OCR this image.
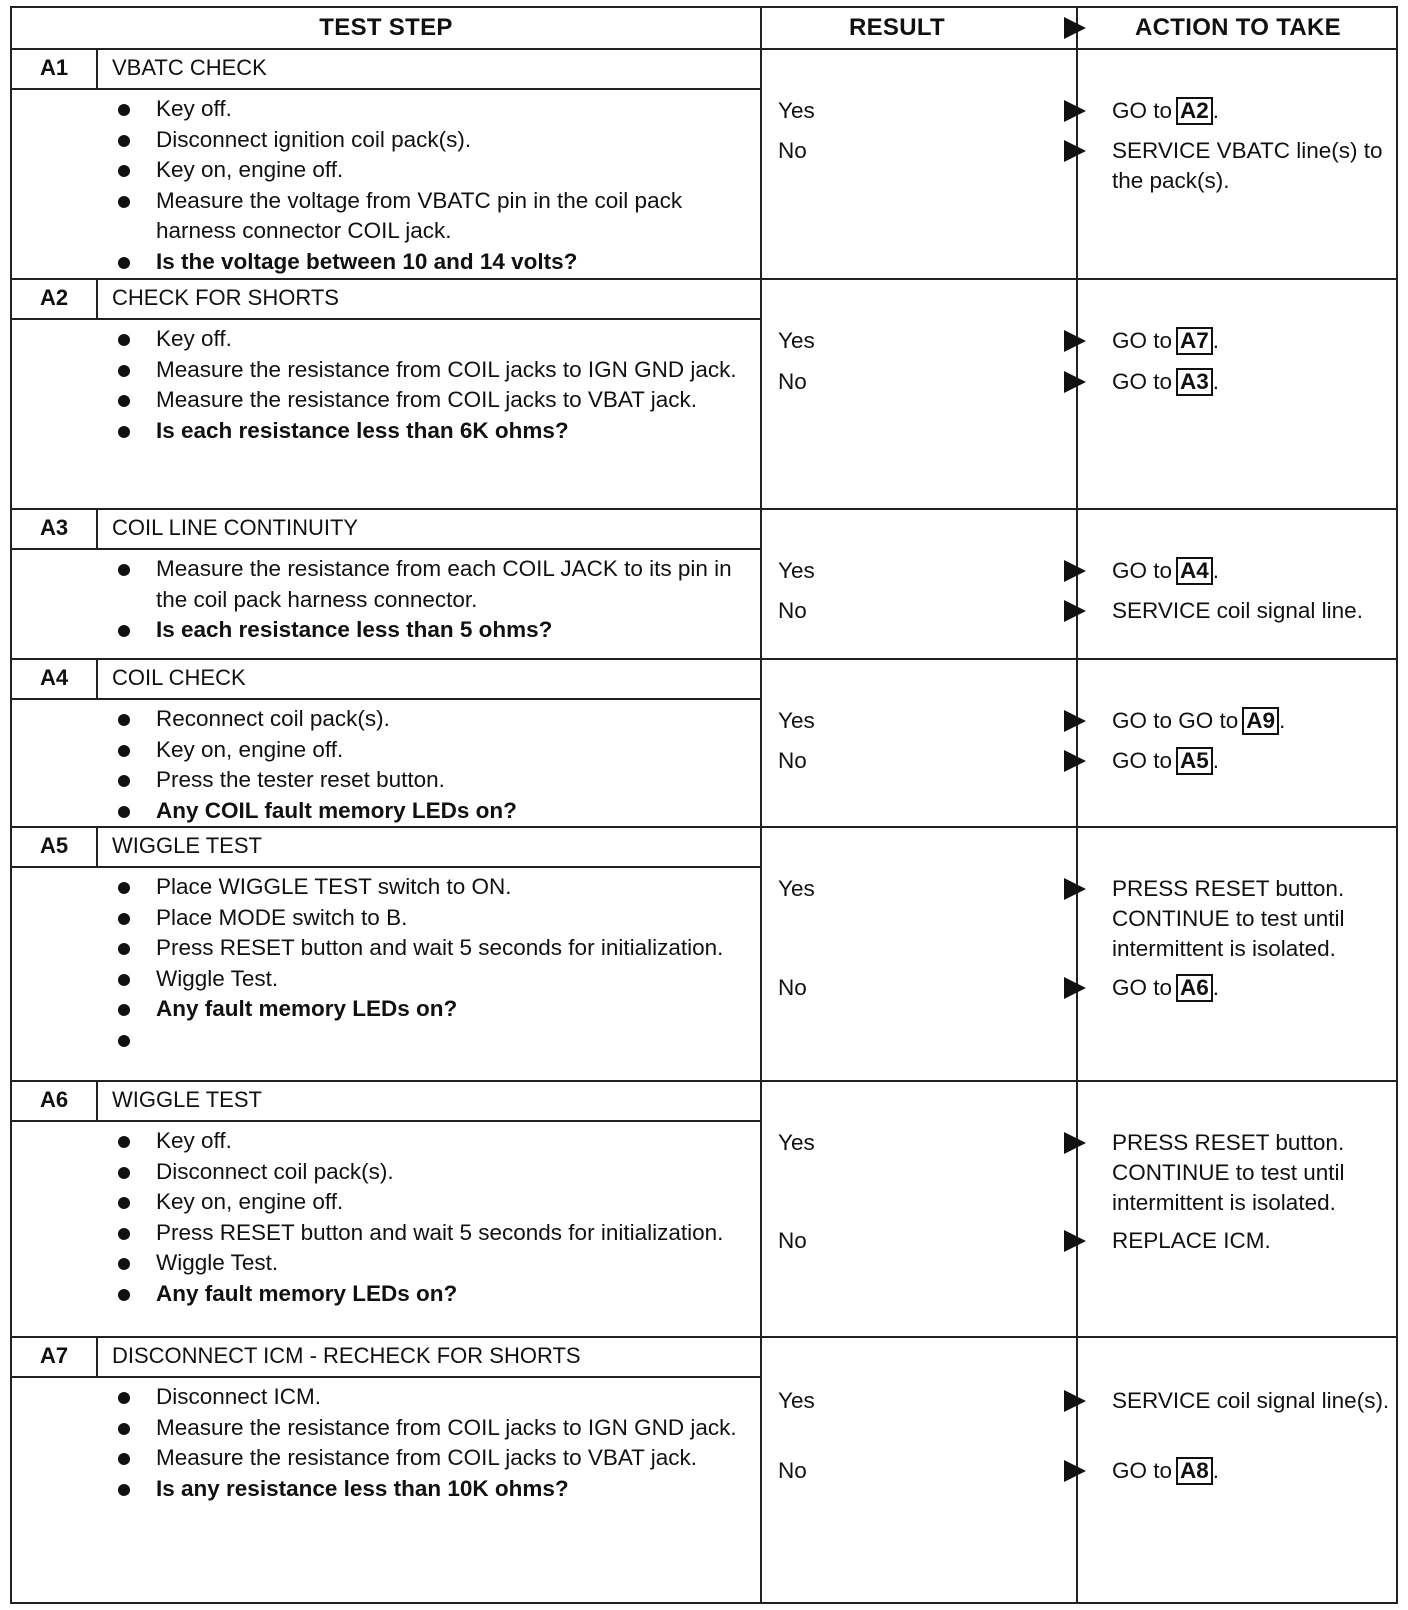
TEST STEP	RESULT	ACTION TO TAKE
A1	VBATC CHECK
Key off.
Disconnect ignition coil pack(s).
Key on, engine off.
Measure the voltage from VBATC pin in the coil pack harness connector COIL jack.
Is the voltage between 10 and 14 volts?
Yes	GO to A2 .
No	SERVICE VBATC line(s) to the pack(s).
A2	CHECK FOR SHORTS
Key off.
Measure the resistance from COIL jacks to IGN GND jack.
Measure the resistance from COIL jacks to VBAT jack.
Is each resistance less than 6K ohms?
Yes	GO to A7 .
No	GO to A3 .
A3	COIL LINE CONTINUITY
Measure the resistance from each COIL JACK to its pin in the coil pack harness connector.
Is each resistance less than 5 ohms?
Yes	GO to A4 .
No	SERVICE coil signal line.
A4	COIL CHECK
Reconnect coil pack(s).
Key on, engine off.
Press the tester reset button.
Any COIL fault memory LEDs on?
Yes	GO to GO to A9 .
No	GO to A5 .
A5	WIGGLE TEST
Place WIGGLE TEST switch to ON.
Place MODE switch to B.
Press RESET button and wait 5 seconds for initialization.
Wiggle Test.
Any fault memory LEDs on?

Yes	PRESS RESET button. CONTINUE to test until intermittent is isolated.
No	GO to A6 .
A6	WIGGLE TEST
Key off.
Disconnect coil pack(s).
Key on, engine off.
Press RESET button and wait 5 seconds for initialization.
Wiggle Test.
Any fault memory LEDs on?
Yes	PRESS RESET button. CONTINUE to test until intermittent is isolated.
No	REPLACE ICM.
A7	DISCONNECT ICM - RECHECK FOR SHORTS
Disconnect ICM.
Measure the resistance from COIL jacks to IGN GND jack.
Measure the resistance from COIL jacks to VBAT jack.
Is any resistance less than 10K ohms?
Yes	SERVICE coil signal line(s).
No	GO to A8 .
